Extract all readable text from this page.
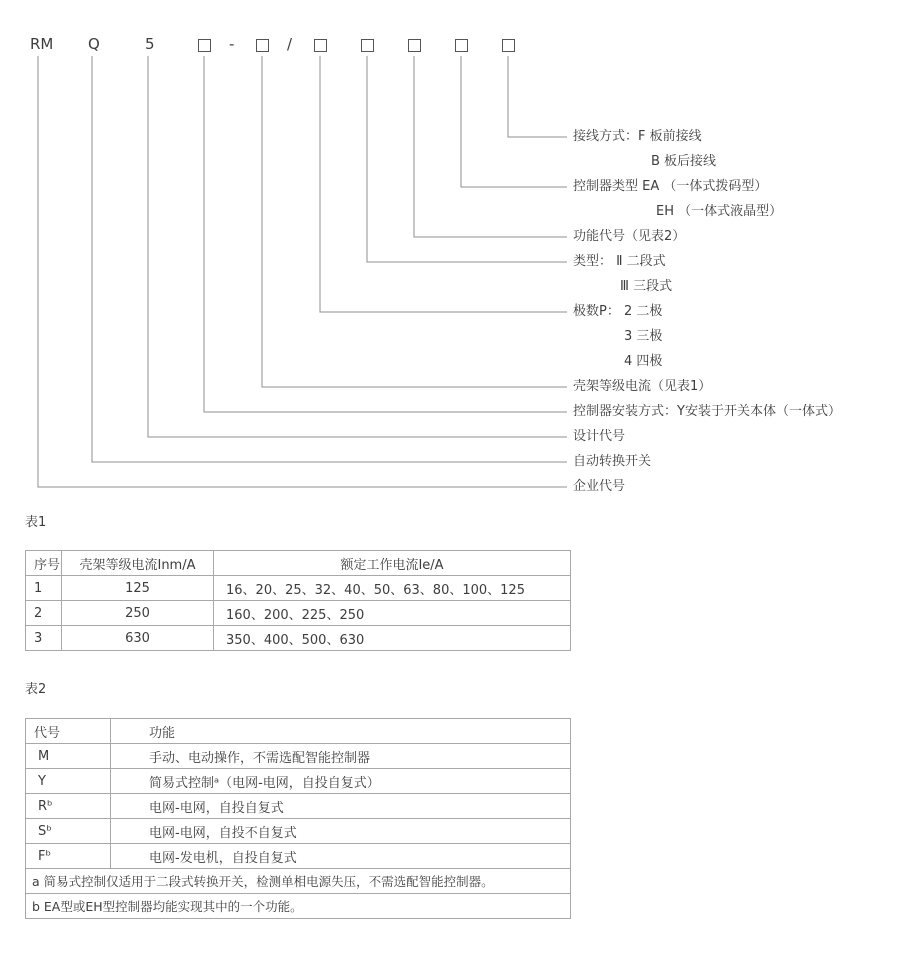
RM Q	5	-	/
接线方式：F 板前接线
B 板后接线
控制器类型 EA （一体式拨码型）
EH （一体式液晶型）
功能代号（见表2）
类型： Ⅱ 二段式
Ⅲ 三段式
极数P： 2 二极
3 三极
4 四极
壳架等级电流（见表1）
控制器安装方式：Y安装于开关本体（一体式）
设计代号
自动转换开关
企业代号
表1
序号	壳架等级电流Inm/A	额定工作电流Ie/A
1	125	16、20、25、32、40、50、63、80、100、125
2	250	160、200、225、250
3	630	350、400、500、630
表2
代号	功能
M	手动、电动操作，不需选配智能控制器
Y	简易式控制ᵃ（电网-电网，自投自复式）
Rᵇ	电网-电网，自投自复式
Sᵇ	电网-电网，自投不自复式
Fᵇ	电网-发电机，自投自复式
a 简易式控制仅适用于二段式转换开关，检测单相电源失压，不需选配智能控制器。	
b EA型或EH型控制器均能实现其中的一个功能。	
